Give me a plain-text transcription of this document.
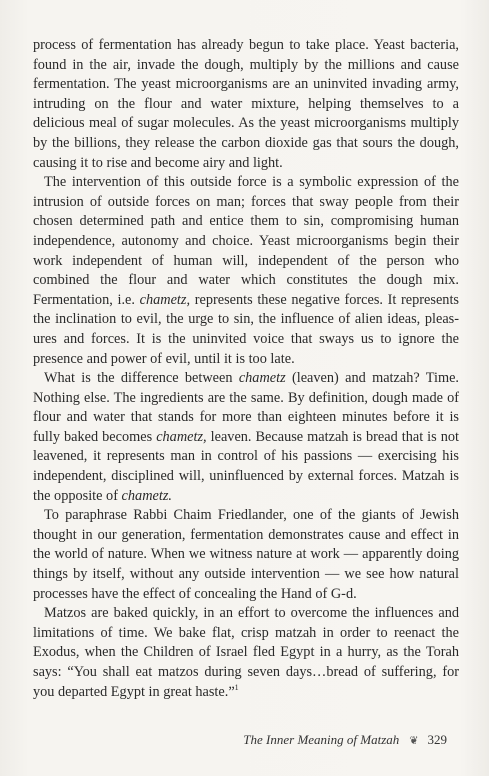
process of fermentation has already begun to take place. Yeast bacteria, found in the air, invade the dough, multiply by the millions and cause fermentation. The yeast microorganisms are an uninvited invading army, intruding on the flour and water mixture, helping themselves to a delicious meal of sugar molecules. As the yeast microorganisms multiply by the billions, they release the carbon dioxide gas that sours the dough, causing it to rise and become airy and light.

The intervention of this outside force is a symbolic expression of the intrusion of outside forces on man; forces that sway people from their chosen determined path and entice them to sin, compromising human independence, autonomy and choice. Yeast microorganisms begin their work independent of human will, independent of the person who combined the flour and water which constitutes the dough mix. Fermentation, i.e. chametz, represents these negative forces. It represents the inclination to evil, the urge to sin, the influence of alien ideas, pleasures and forces. It is the uninvited voice that sways us to ignore the presence and power of evil, until it is too late.

What is the difference between chametz (leaven) and matzah? Time. Nothing else. The ingredients are the same. By definition, dough made of flour and water that stands for more than eighteen minutes before it is fully baked becomes chametz, leaven. Because matzah is bread that is not leavened, it represents man in control of his passions — exercising his independent, disciplined will, uninfluenced by external forces. Matzah is the opposite of chametz.

To paraphrase Rabbi Chaim Friedlander, one of the giants of Jewish thought in our generation, fermentation demonstrates cause and effect in the world of nature. When we witness nature at work — apparently doing things by itself, without any outside intervention — we see how natural processes have the effect of concealing the Hand of G-d.

Matzos are baked quickly, in an effort to overcome the influences and limitations of time. We bake flat, crisp matzah in order to reenact the Exodus, when the Children of Israel fled Egypt in a hurry, as the Torah says: “You shall eat matzos during seven days…bread of suffering, for you departed Egypt in great haste.”$^1$

The Inner Meaning of Matzah ❦ 329
